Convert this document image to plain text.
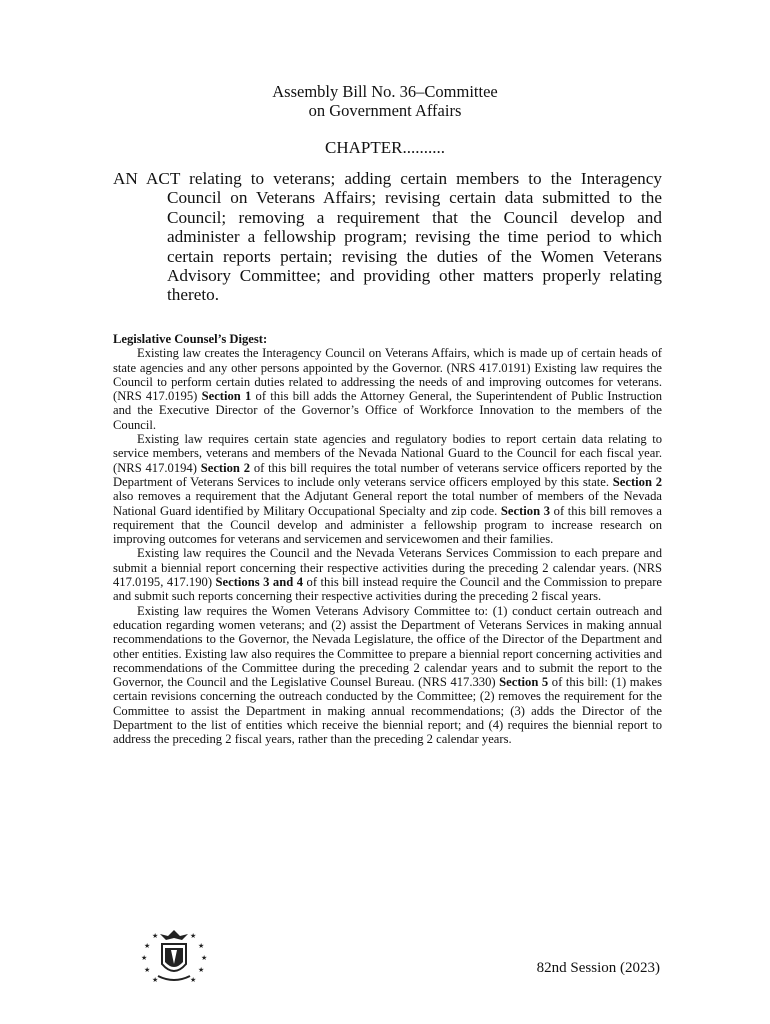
Assembly Bill No. 36–Committee
on Government Affairs
CHAPTER..........
AN ACT relating to veterans; adding certain members to the Interagency Council on Veterans Affairs; revising certain data submitted to the Council; removing a requirement that the Council develop and administer a fellowship program; revising the time period to which certain reports pertain; revising the duties of the Women Veterans Advisory Committee; and providing other matters properly relating thereto.
Legislative Counsel’s Digest:

Existing law creates the Interagency Council on Veterans Affairs, which is made up of certain heads of state agencies and any other persons appointed by the Governor. (NRS 417.0191) Existing law requires the Council to perform certain duties related to addressing the needs of and improving outcomes for veterans. (NRS 417.0195) Section 1 of this bill adds the Attorney General, the Superintendent of Public Instruction and the Executive Director of the Governor’s Office of Workforce Innovation to the members of the Council.

Existing law requires certain state agencies and regulatory bodies to report certain data relating to service members, veterans and members of the Nevada National Guard to the Council for each fiscal year. (NRS 417.0194) Section 2 of this bill requires the total number of veterans service officers reported by the Department of Veterans Services to include only veterans service officers employed by this state. Section 2 also removes a requirement that the Adjutant General report the total number of members of the Nevada National Guard identified by Military Occupational Specialty and zip code. Section 3 of this bill removes a requirement that the Council develop and administer a fellowship program to increase research on improving outcomes for veterans and servicemen and servicewomen and their families.

Existing law requires the Council and the Nevada Veterans Services Commission to each prepare and submit a biennial report concerning their respective activities during the preceding 2 calendar years. (NRS 417.0195, 417.190) Sections 3 and 4 of this bill instead require the Council and the Commission to prepare and submit such reports concerning their respective activities during the preceding 2 fiscal years.

Existing law requires the Women Veterans Advisory Committee to: (1) conduct certain outreach and education regarding women veterans; and (2) assist the Department of Veterans Services in making annual recommendations to the Governor, the Nevada Legislature, the office of the Director of the Department and other entities. Existing law also requires the Committee to prepare a biennial report concerning activities and recommendations of the Committee during the preceding 2 calendar years and to submit the report to the Governor, the Council and the Legislative Counsel Bureau. (NRS 417.330) Section 5 of this bill: (1) makes certain revisions concerning the outreach conducted by the Committee; (2) removes the requirement for the Committee to assist the Department in making annual recommendations; (3) adds the Director of the Department to the list of entities which receive the biennial report; and (4) requires the biennial report to address the preceding 2 fiscal years, rather than the preceding 2 calendar years.

★
★
★
★
★
★
★
★
★	★
82nd Session (2023)
